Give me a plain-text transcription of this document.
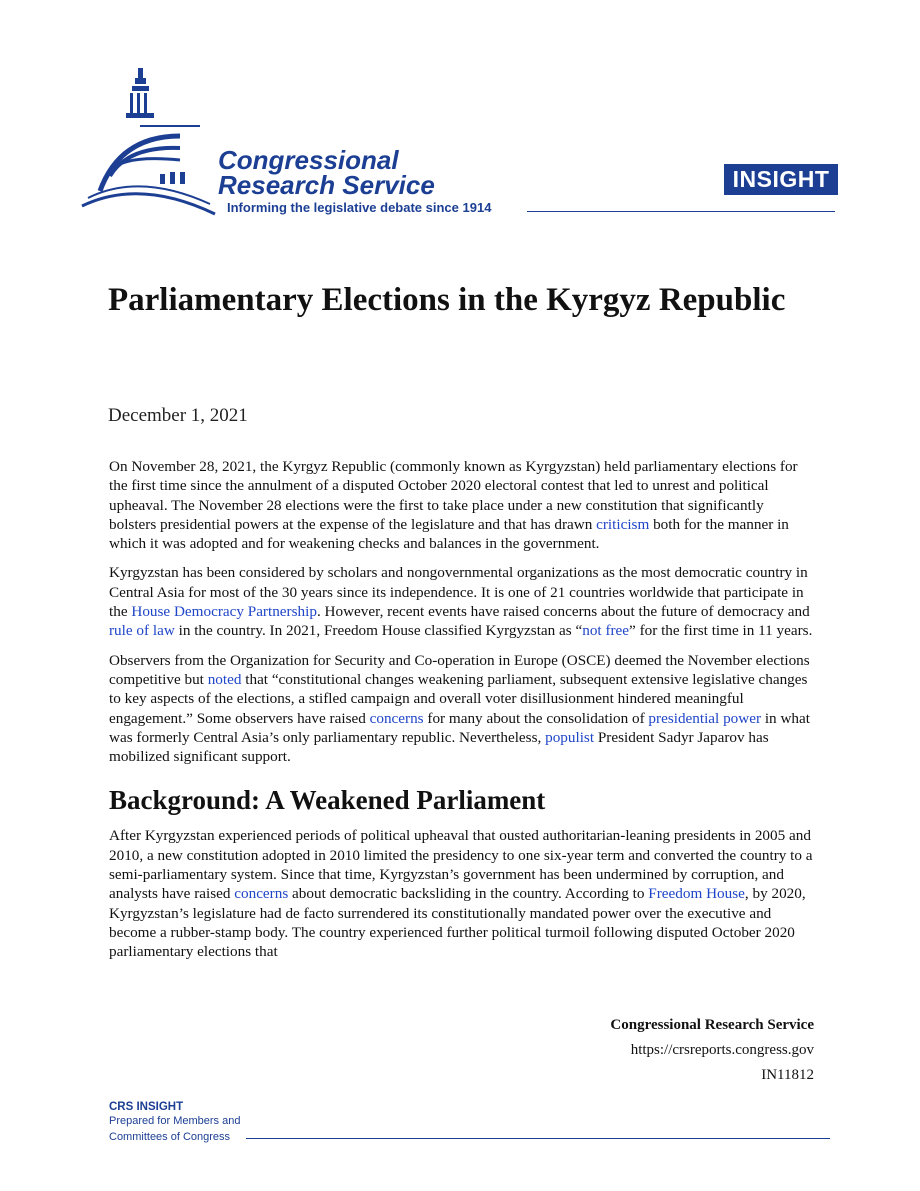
Congressional
Research Service
Informing the legislative debate since 1914
INSIGHT
Parliamentary Elections in the Kyrgyz Republic
December 1, 2021

On November 28, 2021, the Kyrgyz Republic (commonly known as Kyrgyzstan) held parliamentary elections for the first time since the annulment of a disputed October 2020 electoral contest that led to unrest and political upheaval. The November 28 elections were the first to take place under a new constitution that significantly bolsters presidential powers at the expense of the legislature and that has drawn criticism both for the manner in which it was adopted and for weakening checks and balances in the government.

Kyrgyzstan has been considered by scholars and nongovernmental organizations as the most democratic country in Central Asia for most of the 30 years since its independence. It is one of 21 countries worldwide that participate in the House Democracy Partnership. However, recent events have raised concerns about the future of democracy and rule of law in the country. In 2021, Freedom House classified Kyrgyzstan as “not free” for the first time in 11 years.

Observers from the Organization for Security and Co-operation in Europe (OSCE) deemed the November elections competitive but noted that “constitutional changes weakening parliament, subsequent extensive legislative changes to key aspects of the elections, a stifled campaign and overall voter disillusionment hindered meaningful engagement.” Some observers have raised concerns for many about the consolidation of presidential power in what was formerly Central Asia’s only parliamentary republic. Nevertheless, populist President Sadyr Japarov has mobilized significant support.

Background: A Weakened Parliament

After Kyrgyzstan experienced periods of political upheaval that ousted authoritarian-leaning presidents in 2005 and 2010, a new constitution adopted in 2010 limited the presidency to one six-year term and converted the country to a semi-parliamentary system. Since that time, Kyrgyzstan’s government has been undermined by corruption, and analysts have raised concerns about democratic backsliding in the country. According to Freedom House, by 2020, Kyrgyzstan’s legislature had de facto surrendered its constitutionally mandated power over the executive and become a rubber-stamp body. The country experienced further political turmoil following disputed October 2020 parliamentary elections that

Congressional Research Service
https://crsreports.congress.gov
IN11812
CRS INSIGHT
Prepared for Members and
Committees of Congress
